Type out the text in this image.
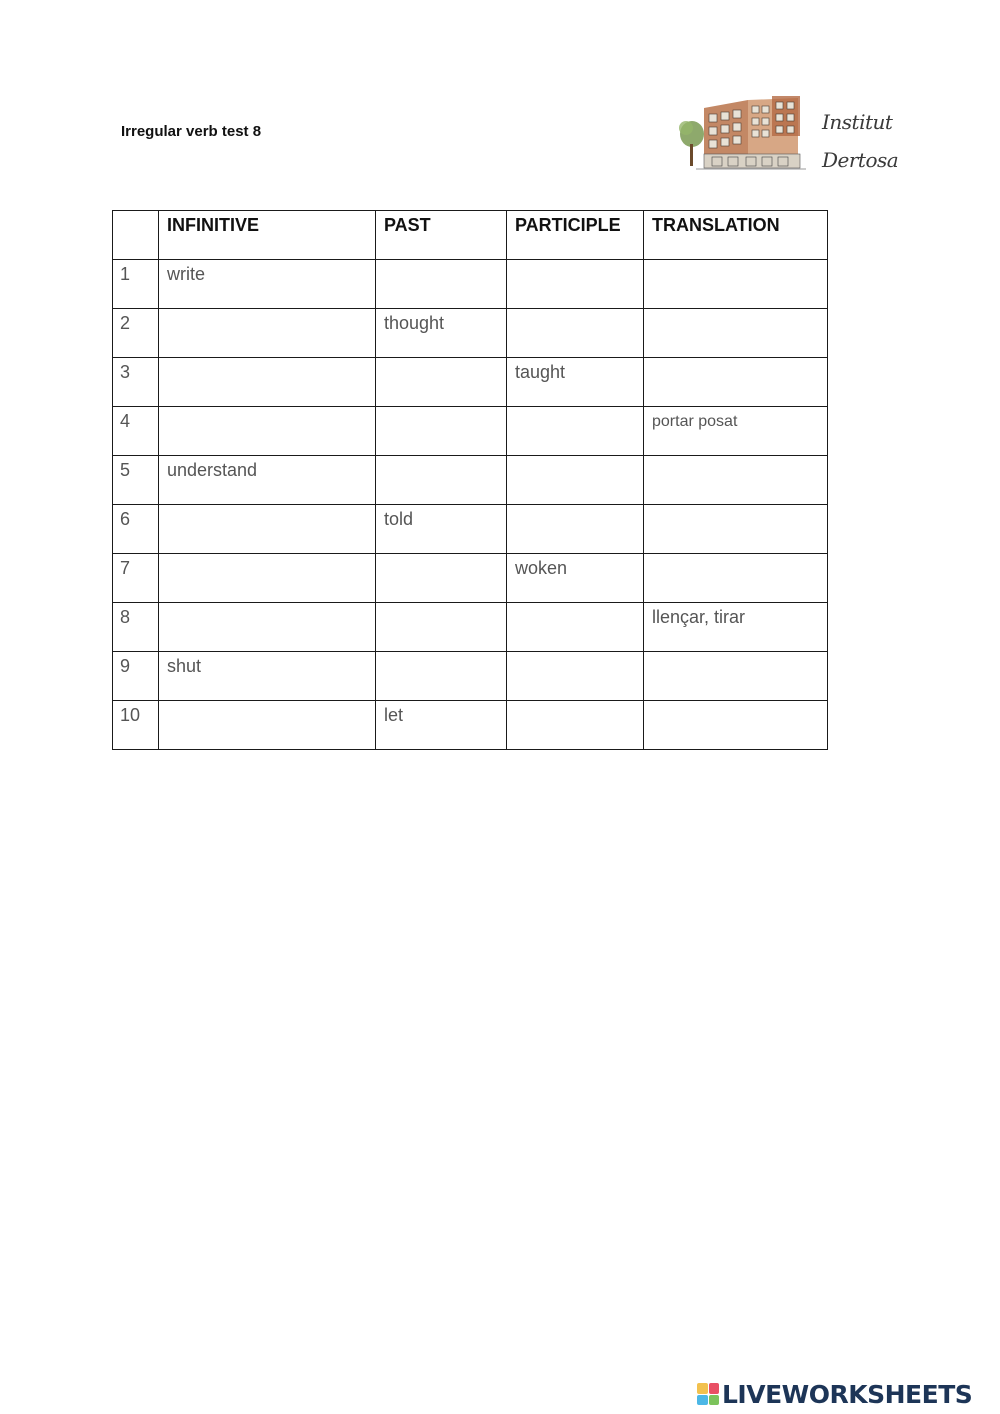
Irregular verb test 8	Institut
Dertosa
	INFINITIVE	PAST	PARTICIPLE	TRANSLATION
1	write			
2		thought		
3			taught	
4				portar posat
5	understand			
6		told		
7			woken	
8				llençar, tirar
9	shut			
10		let		
LIVEWORKSHEETS
